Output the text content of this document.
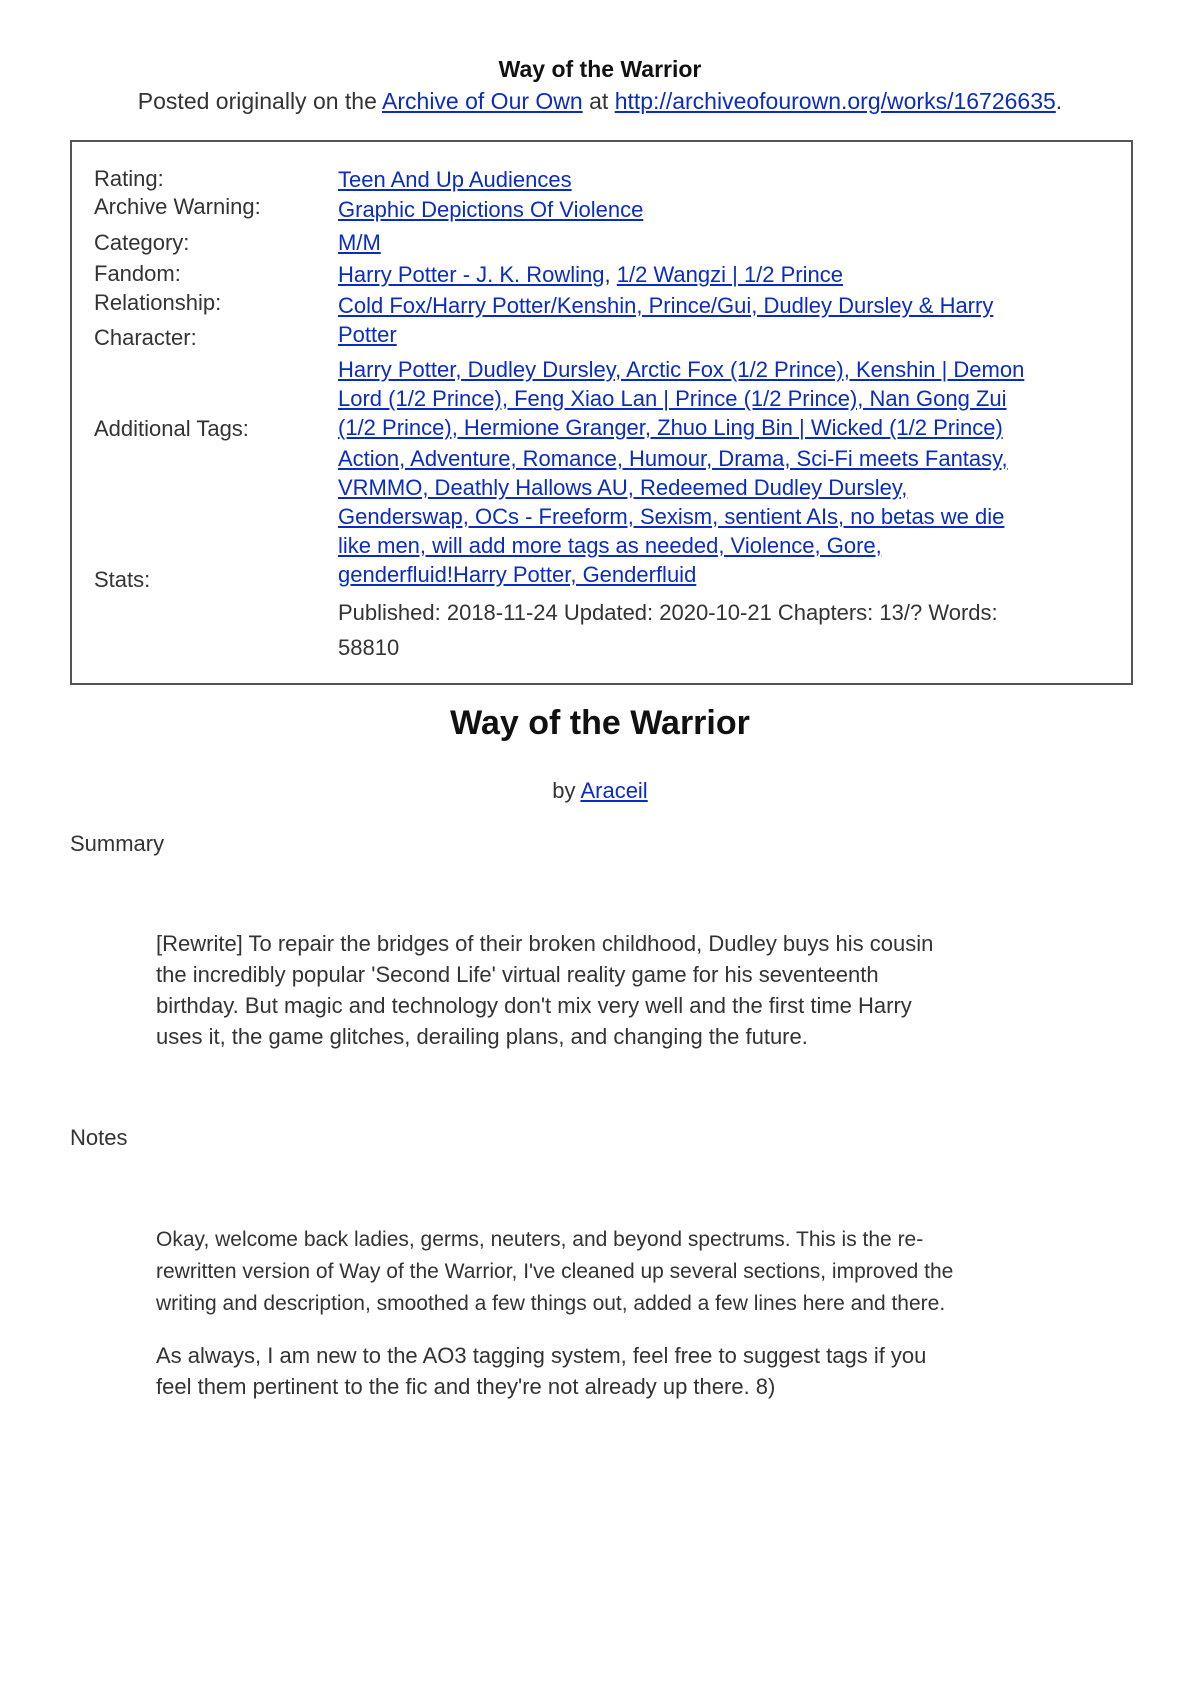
Way of the Warrior
Posted originally on the Archive of Our Own at http://archiveofourown.org/works/16726635.
Rating:	Teen And Up Audiences
Archive Warning:	Graphic Depictions Of Violence
Category:	M/M
Fandom:	Harry Potter - J. K. Rowling, 1/2 Wangzi | 1/2 Prince
Relationship:	Cold Fox/Harry Potter/Kenshin, Prince/Gui, Dudley Dursley & Harry
Potter
Character:
Harry Potter, Dudley Dursley, Arctic Fox (1/2 Prince), Kenshin | Demon
Lord (1/2 Prince), Feng Xiao Lan | Prince (1/2 Prince), Nan Gong Zui
(1/2 Prince), Hermione Granger, Zhuo Ling Bin | Wicked (1/2 Prince)
Additional Tags:
Action, Adventure, Romance, Humour, Drama, Sci-Fi meets Fantasy,
VRMMO, Deathly Hallows AU, Redeemed Dudley Dursley,
Genderswap, OCs - Freeform, Sexism, sentient AIs, no betas we die
like men, will add more tags as needed, Violence, Gore,
genderfluid!Harry Potter, Genderfluid
Stats:
Published: 2018-11-24 Updated: 2020-10-21 Chapters: 13/? Words:
58810
Way of the Warrior
by Araceil
Summary
[Rewrite] To repair the bridges of their broken childhood, Dudley buys his cousin
the incredibly popular 'Second Life' virtual reality game for his seventeenth
birthday. But magic and technology don't mix very well and the first time Harry
uses it, the game glitches, derailing plans, and changing the future.
Notes
Okay, welcome back ladies, germs, neuters, and beyond spectrums. This is the re-
rewritten version of Way of the Warrior, I've cleaned up several sections, improved the
writing and description, smoothed a few things out, added a few lines here and there.
As always, I am new to the AO3 tagging system, feel free to suggest tags if you
feel them pertinent to the fic and they're not already up there. 8)
